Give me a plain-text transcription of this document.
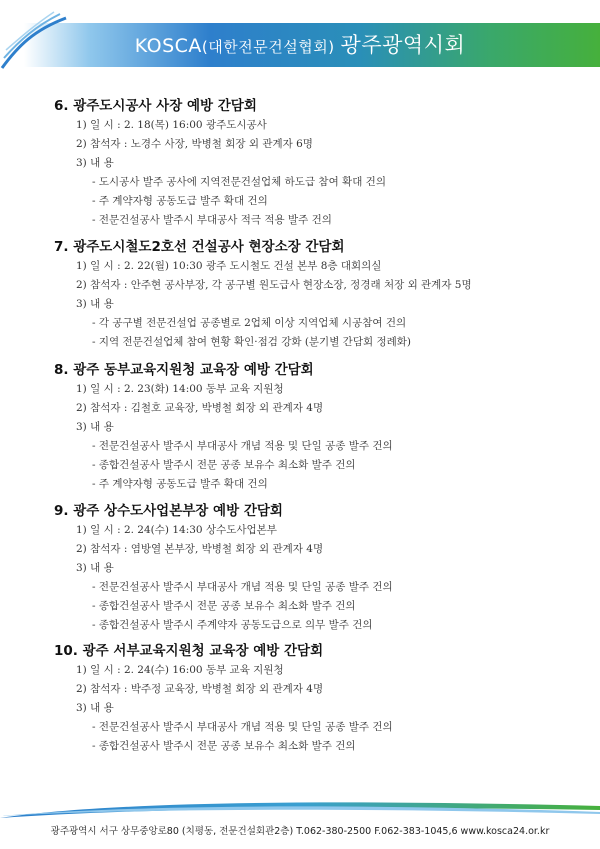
KOSCA(대한전문건설협회) 광주광역시회
6. 광주도시공사 사장 예방 간담회
1) 일 시 : 2. 18(목) 16:00 광주도시공사
2) 참석자 : 노경수 사장, 박병철 회장 외 관계자 6명
3) 내 용
- 도시공사 발주 공사에 지역전문건설업체 하도급 참여 확대 건의
- 주 계약자형 공동도급 발주 확대 건의
- 전문건설공사 발주시 부대공사 적극 적용 발주 건의
7. 광주도시철도2호선 건설공사 현장소장 간담회
1) 일 시 : 2. 22(월) 10:30 광주 도시철도 건설 본부 8층 대회의실
2) 참석자 : 안주현 공사부장, 각 공구별 원도급사 현장소장, 정경래 처장 외 관계자 5명
3) 내 용
- 각 공구별 전문건설업 공종별로 2업체 이상 지역업체 시공참여 건의
- 지역 전문건설업체 참여 현황 확인·점검 강화 (분기별 간담회 정례화)
8. 광주 동부교육지원청 교육장 예방 간담회
1) 일 시 : 2. 23(화) 14:00 동부 교육 지원청
2) 참석자 : 김철호 교육장, 박병철 회장 외 관계자 4명
3) 내 용
- 전문건설공사 발주시 부대공사 개념 적용 및 단일 공종 발주 건의
- 종합건설공사 발주시 전문 공종 보유수 최소화 발주 건의
- 주 계약자형 공동도급 발주 확대 건의
9. 광주 상수도사업본부장 예방 간담회
1) 일 시 : 2. 24(수) 14:30 상수도사업본부
2) 참석자 : 염방열 본부장, 박병철 회장 외 관계자 4명
3) 내 용
- 전문건설공사 발주시 부대공사 개념 적용 및 단일 공종 발주 건의
- 종합건설공사 발주시 전문 공종 보유수 최소화 발주 건의
- 종합건설공사 발주시 주계약자 공동도급으로 의무 발주 건의
10. 광주 서부교육지원청 교육장 예방 간담회
1) 일 시 : 2. 24(수) 16:00 동부 교육 지원청
2) 참석자 : 박주정 교육장, 박병철 회장 외 관계자 4명
3) 내 용
- 전문건설공사 발주시 부대공사 개념 적용 및 단일 공종 발주 건의
- 종합건설공사 발주시 전문 공종 보유수 최소화 발주 건의
광주광역시 서구 상무중앙로80 (치평동, 전문건설회관2층) T.062-380-2500 F.062-383-1045,6 www.kosca24.or.kr
